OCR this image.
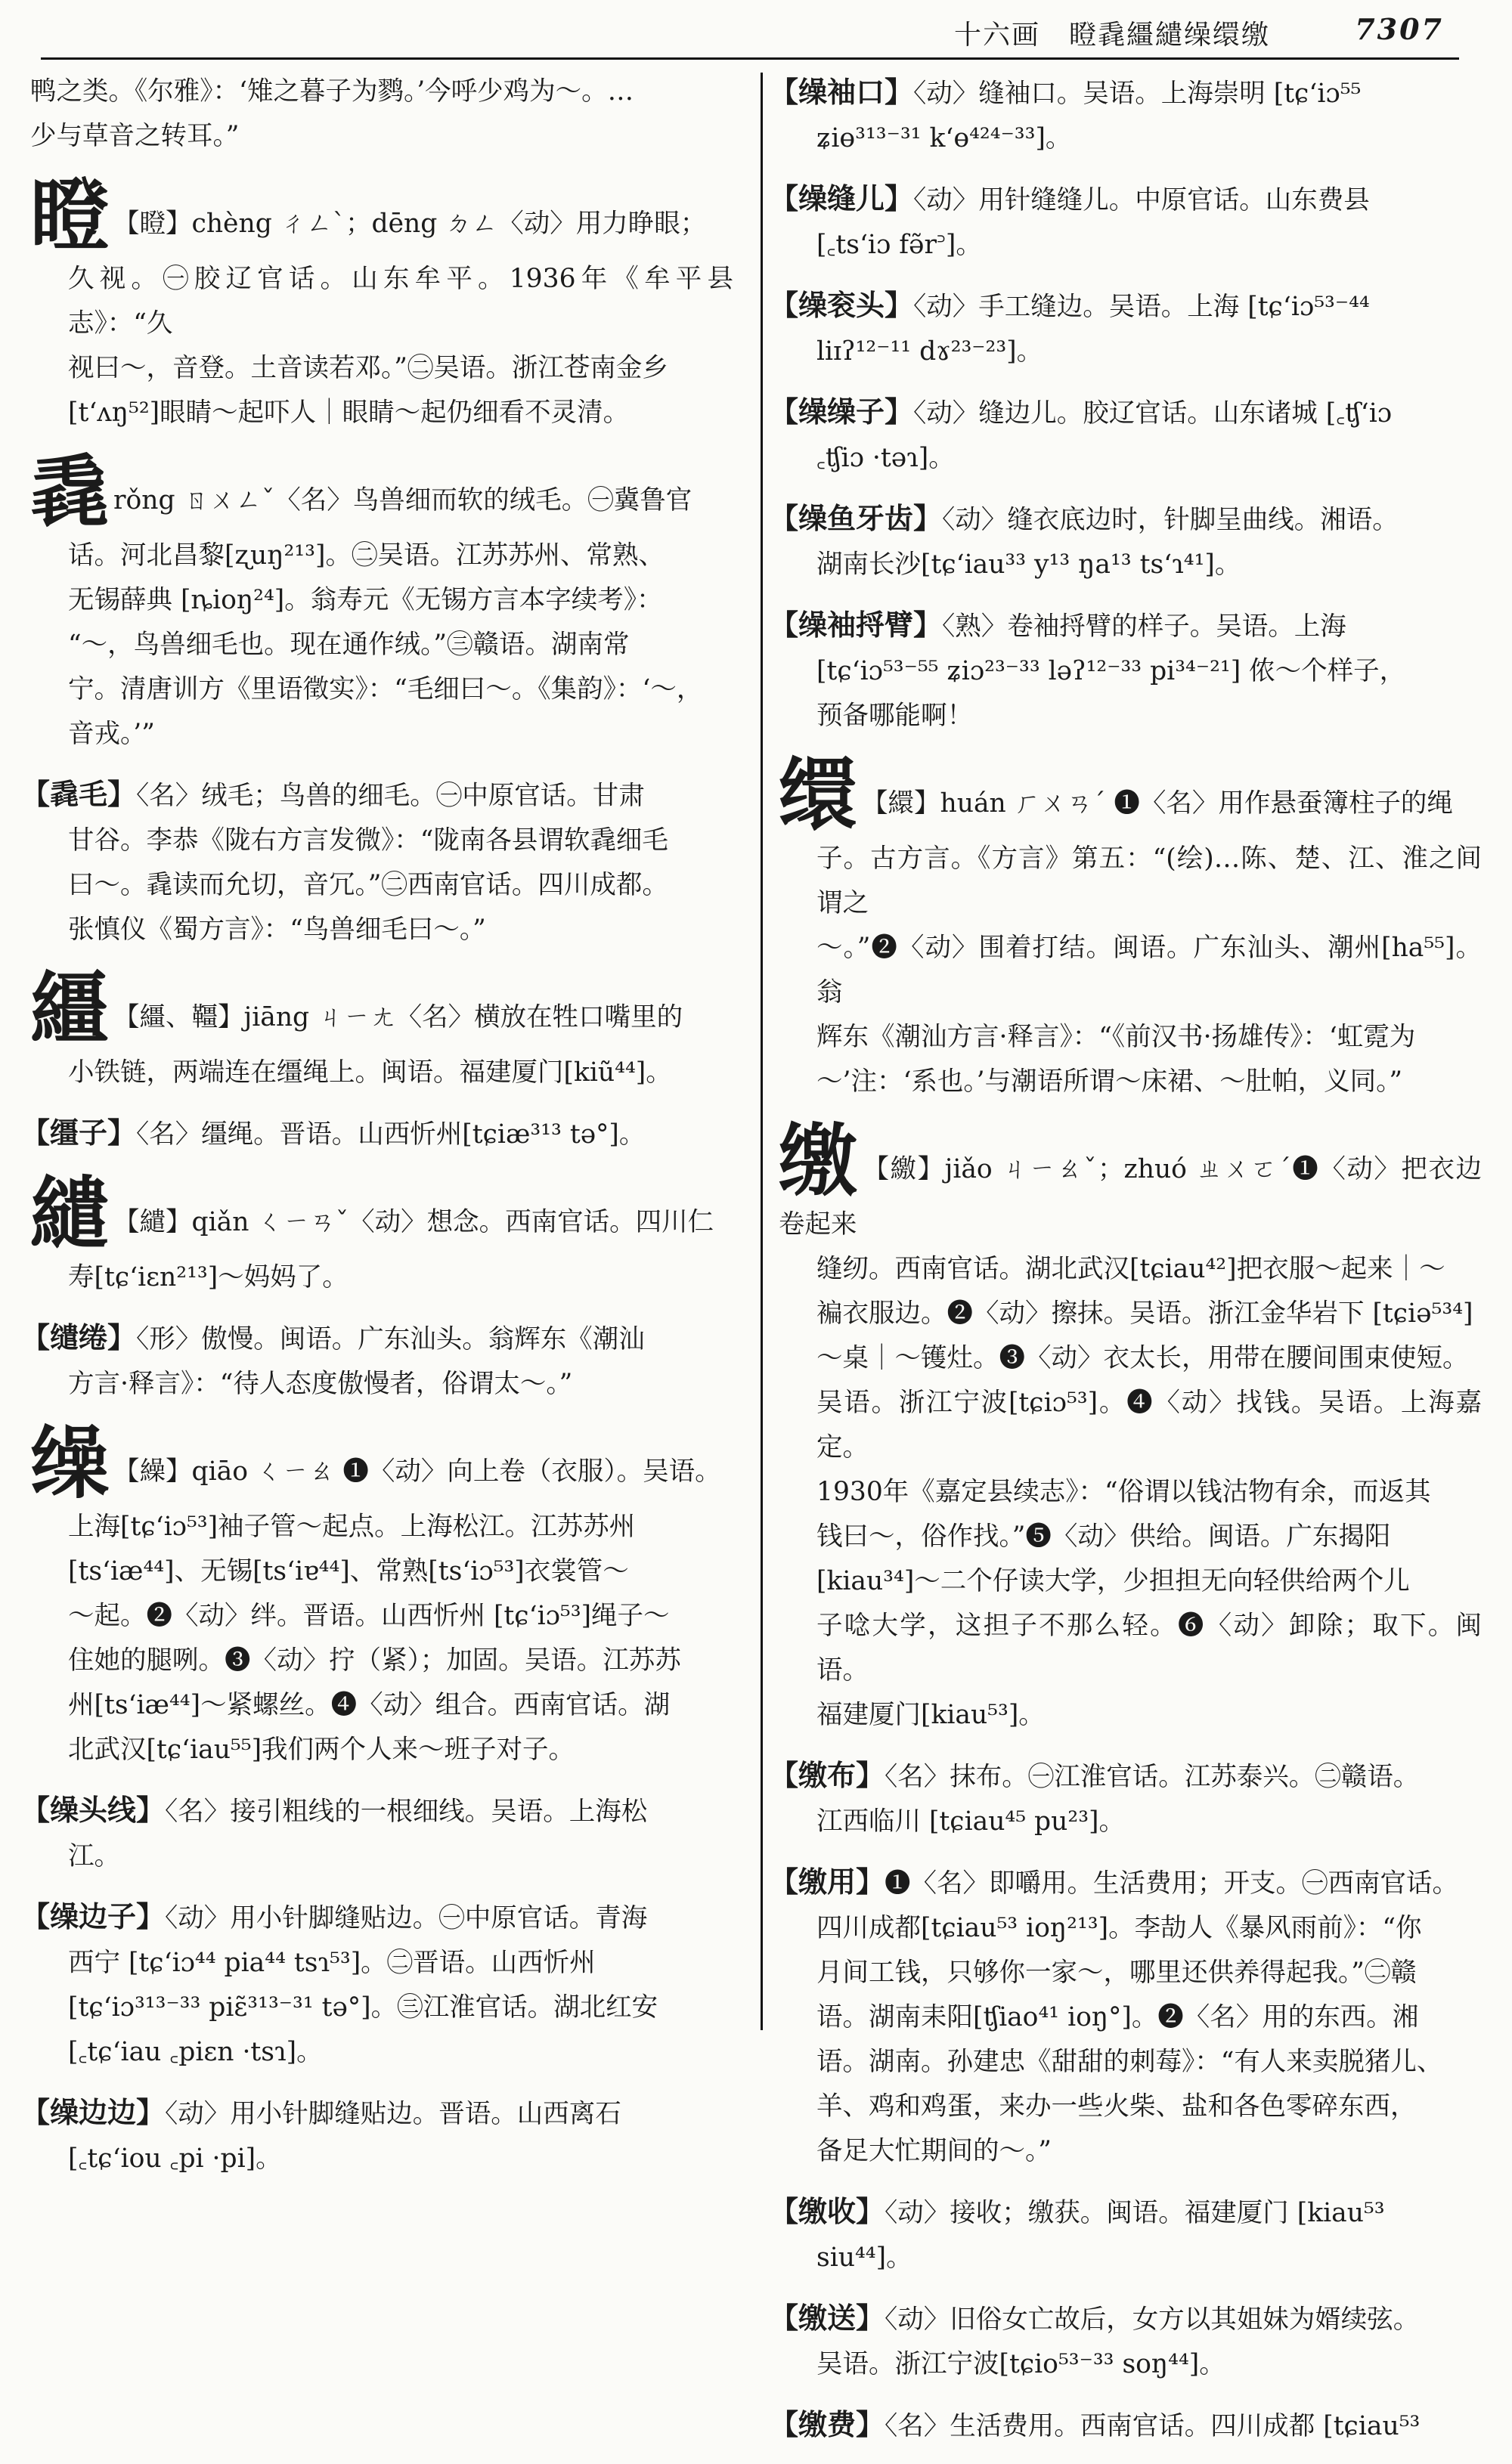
十六画　瞪毳繮繾缲缳缴	7307

鸭之类。《尔雅》：‘雉之暮子为鹨。’今呼少鸡为～。…

少与草音之转耳。”

瞪 【瞪】chèng ㄔㄥˋ；dēng ㄉㄥ〈动〉用力睁眼；

久视。㊀胶辽官话。山东牟平。1936年《牟平县志》：“久

视曰～，音登。土音读若邓。”㊁吴语。浙江苍南金乡

[t‘ʌŋ⁵²]眼睛～起吓人｜眼睛～起仍细看不灵清。

毳rǒng ㄖㄨㄥˇ〈名〉鸟兽细而软的绒毛。㊀冀鲁官

话。河北昌黎[ʐuŋ²¹³]。㊁吴语。江苏苏州、常熟、

无锡薛典 [ȵioŋ²⁴]。翁寿元《无锡方言本字续考》：

“～，鸟兽细毛也。现在通作绒。”㊂赣语。湖南常

宁。清唐训方《里语徵实》：“毛细曰～。《集韵》：‘～，

音戎。’”

【毳毛】〈名〉绒毛；鸟兽的细毛。㊀中原官话。甘肃

甘谷。李恭《陇右方言发微》：“陇南各县谓软毳细毛

曰～。毳读而允切，音冗。”㊁西南官话。四川成都。

张慎仪《蜀方言》：“鸟兽细毛曰～。”

繮 【繮、韁】jiāng ㄐㄧㄤ〈名〉横放在牲口嘴里的

小铁链，两端连在缰绳上。闽语。福建厦门[kiũ⁴⁴]。

【缰子】〈名〉缰绳。晋语。山西忻州[tɕiæ³¹³ tə°]。

繾 【繾】qiǎn ㄑㄧㄢˇ〈动〉想念。西南官话。四川仁

寿[tɕ‘iɛn²¹³]～妈妈了。

【缱绻】〈形〉傲慢。闽语。广东汕头。翁辉东《潮汕

方言·释言》：“待人态度傲慢者，俗谓太～。”

缲 【繰】qiāo ㄑㄧㄠ ❶〈动〉向上卷（衣服）。吴语。

上海[tɕ‘iɔ⁵³]袖子管～起点。上海松江。江苏苏州

[ts‘iæ⁴⁴]、无锡[ts‘iɐ⁴⁴]、常熟[ts‘iɔ⁵³]衣裳管～

～起。❷〈动〉绊。晋语。山西忻州 [tɕ‘iɔ⁵³]绳子～

住她的腿咧。❸〈动〉拧（紧）；加固。吴语。江苏苏

州[ts‘iæ⁴⁴]～紧螺丝。❹〈动〉组合。西南官话。湖

北武汉[tɕ‘iau⁵⁵]我们两个人来～班子对子。

【缲头线】〈名〉接引粗线的一根细线。吴语。上海松

江。

【缲边子】〈动〉用小针脚缝贴边。㊀中原官话。青海

西宁 [tɕ‘iɔ⁴⁴ pia⁴⁴ tsɿ⁵³]。㊁晋语。山西忻州

[tɕ‘iɔ³¹³⁻³³ piɛ̃³¹³⁻³¹ tə°]。㊂江淮官话。湖北红安

[꜀tɕ‘iau ꜀piɛn ·tsɿ]。

【缲边边】〈动〉用小针脚缝贴边。晋语。山西离石

[꜀tɕ‘iou ꜀pi ·pi]。

【缲袖口】〈动〉缝袖口。吴语。上海崇明 [tɕ‘iɔ⁵⁵

ʑiɵ³¹³⁻³¹ k‘ɵ⁴²⁴⁻³³]。

【缲缝儿】〈动〉用针缝缝儿。中原官话。山东费县

[꜀ts‘iɔ fə̃r꜄]。

【缲衮头】〈动〉手工缝边。吴语。上海 [tɕ‘iɔ⁵³⁻⁴⁴

liɪʔ¹²⁻¹¹ dɤ²³⁻²³]。

【缲缲子】〈动〉缝边儿。胶辽官话。山东诸城 [꜀ʧ‘iɔ

꜀ʧiɔ ·təɿ]。

【缲鱼牙齿】〈动〉缝衣底边时，针脚呈曲线。湘语。

湖南长沙[tɕ‘iau³³ y¹³ ŋa¹³ ts‘ɿ⁴¹]。

【缲袖捋臂】〈熟〉卷袖捋臂的样子。吴语。上海

[tɕ‘iɔ⁵³⁻⁵⁵ ʑiɔ²³⁻³³ ləʔ¹²⁻³³ pi³⁴⁻²¹] 侬～个样子，

预备哪能啊！

缳 【繯】huán ㄏㄨㄢˊ ❶〈名〉用作悬蚕簿柱子的绳

子。古方言。《方言》第五：“(绘)…陈、楚、江、淮之间谓之

～。”❷〈动〉围着打结。闽语。广东汕头、潮州[ha⁵⁵]。翁

辉东《潮汕方言·释言》：“《前汉书·扬雄传》：‘虹霓为

～’注：‘系也。’与潮语所谓～床裙、～肚帕，义同。”

缴 【繳】jiǎo ㄐㄧㄠˇ；zhuó ㄓㄨㄛˊ❶〈动〉把衣边卷起来

缝纫。西南官话。湖北武汉[tɕiau⁴²]把衣服～起来｜～

褊衣服边。❷〈动〉擦抹。吴语。浙江金华岩下 [tɕiə⁵³⁴]

～桌｜～镬灶。❸〈动〉衣太长，用带在腰间围束使短。

吴语。浙江宁波[tɕiɔ⁵³]。❹〈动〉找钱。吴语。上海嘉定。

1930年《嘉定县续志》：“俗谓以钱沽物有余，而返其

钱曰～，俗作找。”❺〈动〉供给。闽语。广东揭阳

[kiau³⁴]～二个仔读大学，少担担无向轻供给两个儿

子唸大学，这担子不那么轻。❻〈动〉卸除；取下。闽语。

福建厦门[kiau⁵³]。

【缴布】〈名〉抹布。㊀江淮官话。江苏泰兴。㊁赣语。

江西临川 [tɕiau⁴⁵ pu²³]。

【缴用】❶〈名〉即嚼用。生活费用；开支。㊀西南官话。

四川成都[tɕiau⁵³ ioŋ²¹³]。李劼人《暴风雨前》：“你

月间工钱，只够你一家～，哪里还供养得起我。”㊁赣

语。湖南耒阳[ʧiao⁴¹ ioŋ°]。❷〈名〉用的东西。湘

语。湖南。孙建忠《甜甜的刺莓》：“有人来卖脱猪儿、

羊、鸡和鸡蛋，来办一些火柴、盐和各色零碎东西，

备足大忙期间的～。”

【缴收】〈动〉接收；缴获。闽语。福建厦门 [kiau⁵³

siu⁴⁴]。

【缴送】〈动〉旧俗女亡故后，女方以其姐妹为婿续弦。

吴语。浙江宁波[tɕio⁵³⁻³³ soŋ⁴⁴]。

【缴费】〈名〉生活费用。西南官话。四川成都 [tɕiau⁵³
